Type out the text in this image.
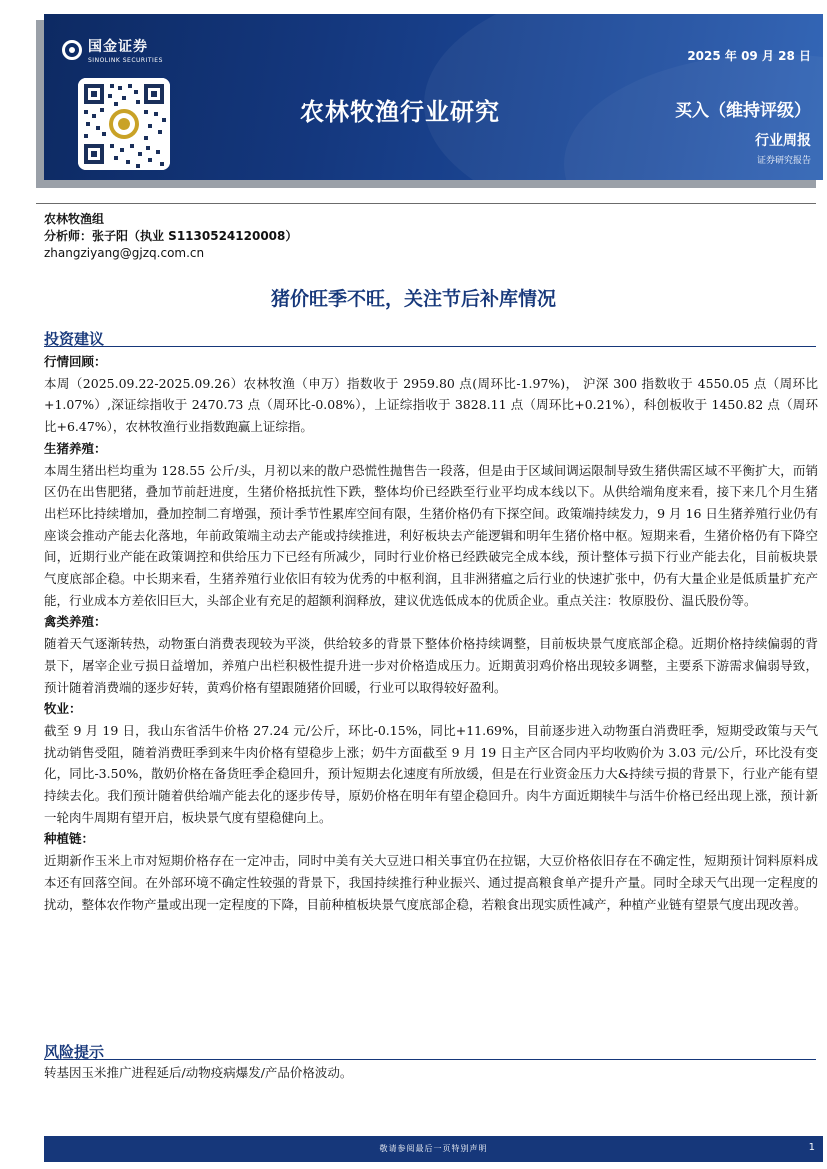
国金证券
SINOLINK SECURITIES	2025 年 09 月 28 日
农林牧渔行业研究	买入（维持评级）
行业周报
证券研究报告
农林牧渔组
分析师：张子阳（执业 S1130524120008）
zhangziyang@gjzq.com.cn
猪价旺季不旺，关注节后补库情况
投资建议
行情回顾：

本周（2025.09.22-2025.09.26）农林牧渔（申万）指数收于 2959.80 点(周环比-1.97%)， 沪深 300 指数收于 4550.05 点（周环比+1.07%）,深证综指收于 2470.73 点（周环比-0.08%），上证综指收于 3828.11 点（周环比+0.21%），科创板收于 1450.82 点（周环比+6.47%），农林牧渔行业指数跑赢上证综指。

生猪养殖：

本周生猪出栏均重为 128.55 公斤/头，月初以来的散户恐慌性抛售告一段落，但是由于区域间调运限制导致生猪供需区域不平衡扩大，而销区仍在出售肥猪，叠加节前赶进度，生猪价格抵抗性下跌，整体均价已经跌至行业平均成本线以下。从供给端角度来看，接下来几个月生猪出栏环比持续增加，叠加控制二育增强，预计季节性累库空间有限，生猪价格仍有下探空间。政策端持续发力，9 月 16 日生猪养殖行业仍有座谈会推动产能去化落地，年前政策端主动去产能或持续推进，利好板块去产能逻辑和明年生猪价格中枢。短期来看，生猪价格仍有下降空间，近期行业产能在政策调控和供给压力下已经有所减少，同时行业价格已经跌破完全成本线，预计整体亏损下行业产能去化，目前板块景气度底部企稳。中长期来看，生猪养殖行业依旧有较为优秀的中枢利润，且非洲猪瘟之后行业的快速扩张中，仍有大量企业是低质量扩充产能，行业成本方差依旧巨大，头部企业有充足的超额利润释放，建议优选低成本的优质企业。重点关注：牧原股份、温氏股份等。

禽类养殖：

随着天气逐渐转热，动物蛋白消费表现较为平淡，供给较多的背景下整体价格持续调整，目前板块景气度底部企稳。近期价格持续偏弱的背景下，屠宰企业亏损日益增加，养殖户出栏积极性提升进一步对价格造成压力。近期黄羽鸡价格出现较多调整，主要系下游需求偏弱导致，预计随着消费端的逐步好转，黄鸡价格有望跟随猪价回暖，行业可以取得较好盈利。

牧业：

截至 9 月 19 日，我山东省活牛价格 27.24 元/公斤，环比-0.15%，同比+11.69%，目前逐步进入动物蛋白消费旺季，短期受政策与天气扰动销售受阻，随着消费旺季到来牛肉价格有望稳步上涨；奶牛方面截至 9 月 19 日主产区合同内平均收购价为 3.03 元/公斤，环比没有变化，同比-3.50%，散奶价格在备货旺季企稳回升，预计短期去化速度有所放缓，但是在行业资金压力大&持续亏损的背景下，行业产能有望持续去化。我们预计随着供给端产能去化的逐步传导，原奶价格在明年有望企稳回升。肉牛方面近期犊牛与活牛价格已经出现上涨，预计新一轮肉牛周期有望开启，板块景气度有望稳健向上。

种植链：

近期新作玉米上市对短期价格存在一定冲击，同时中美有关大豆进口相关事宜仍在拉锯，大豆价格依旧存在不确定性，短期预计饲料原料成本还有回落空间。在外部环境不确定性较强的背景下，我国持续推行种业振兴、通过提高粮食单产提升产量。同时全球天气出现一定程度的扰动，整体农作物产量或出现一定程度的下降，目前种植板块景气度底部企稳，若粮食出现实质性减产，种植产业链有望景气度出现改善。

风险提示

转基因玉米推广进程延后/动物疫病爆发/产品价格波动。

敬请参阅最后一页特别声明	1
